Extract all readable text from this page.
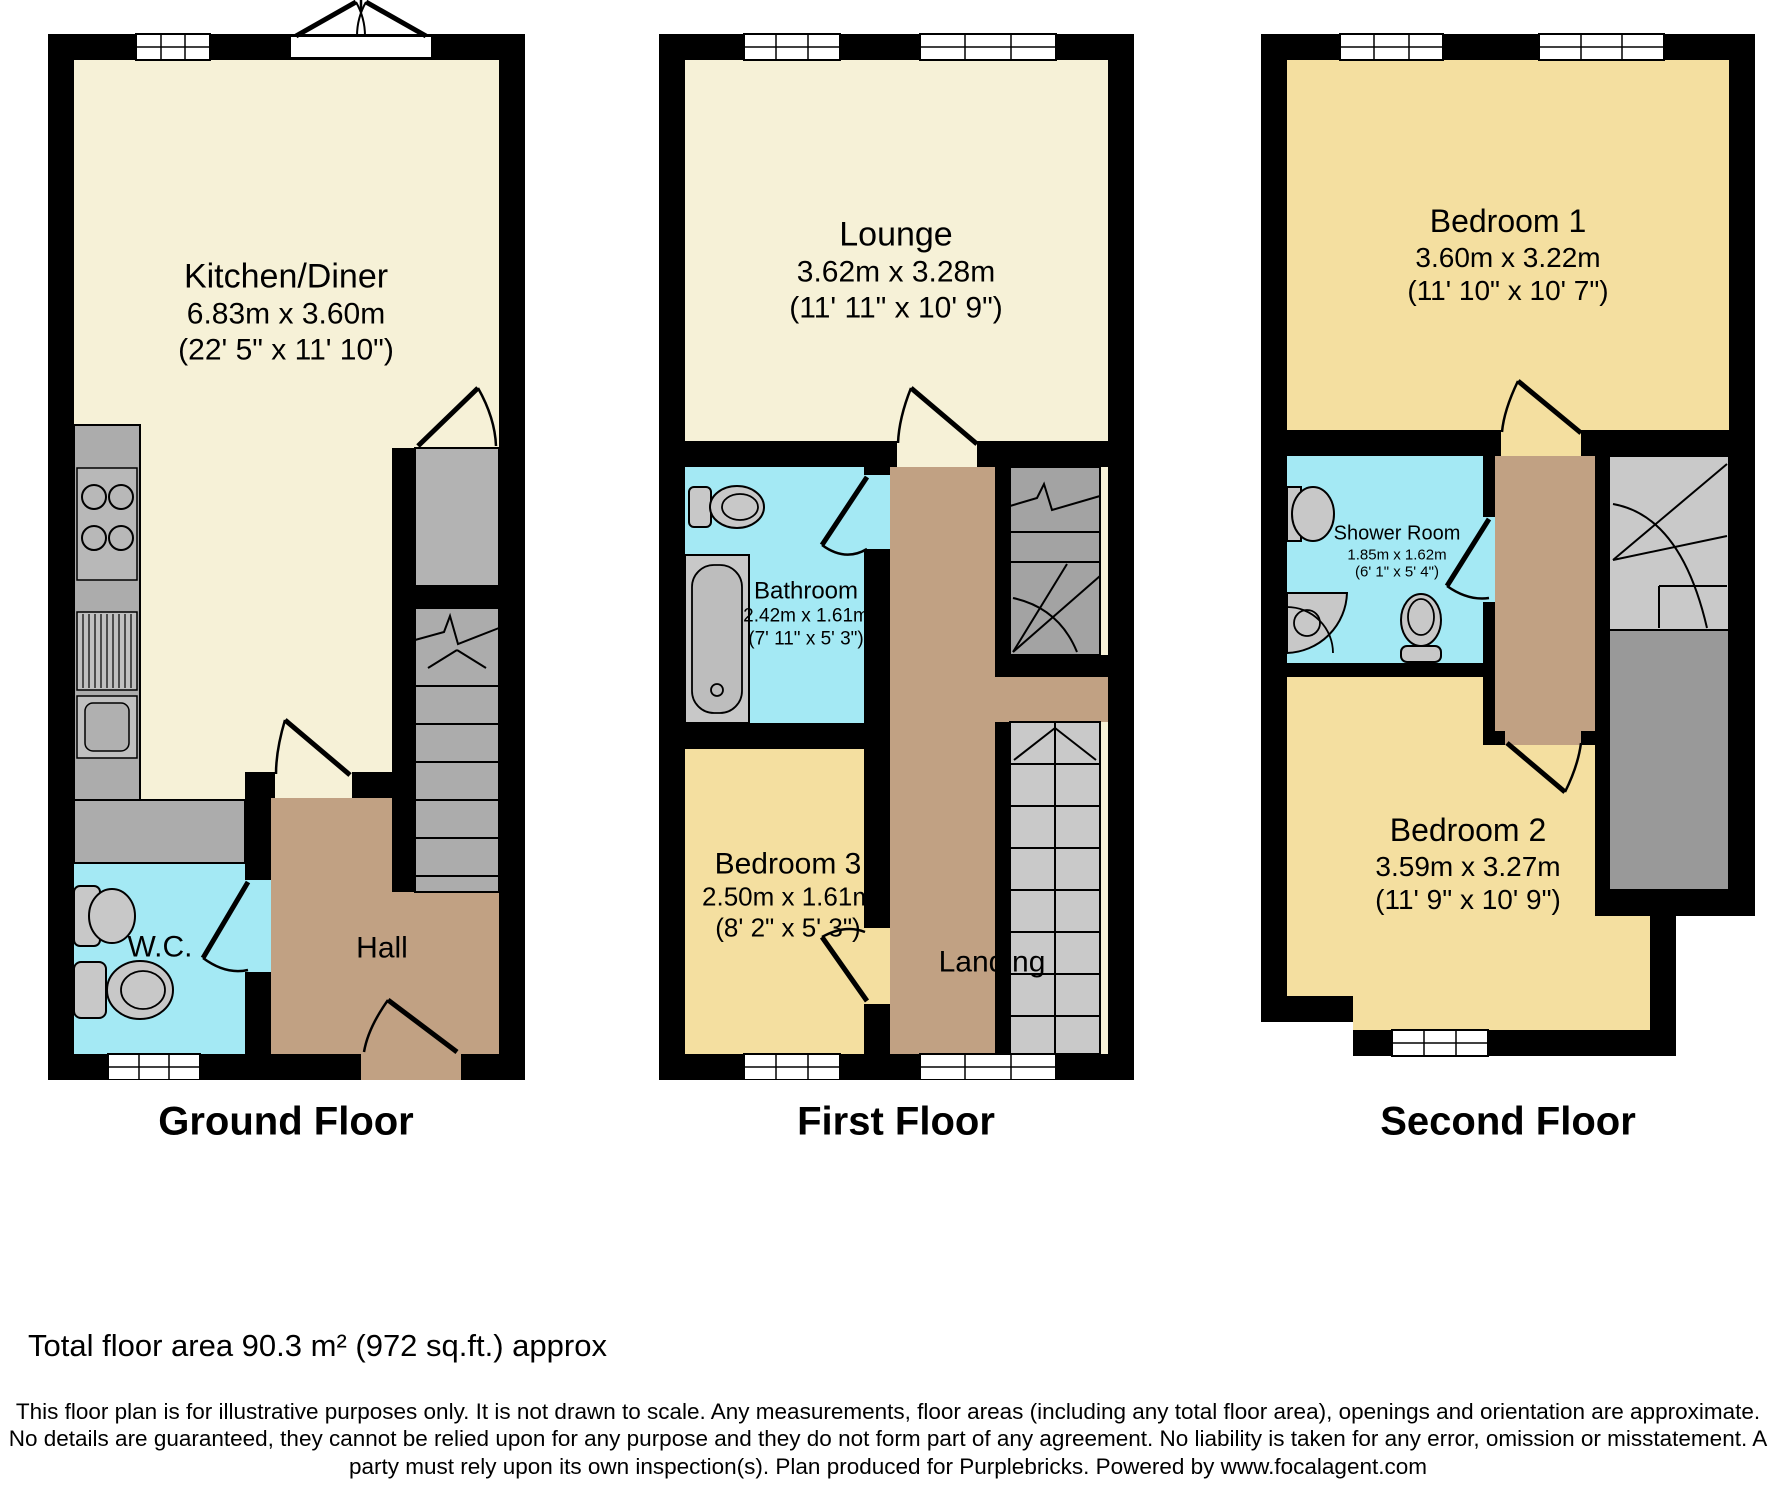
Kitchen/Diner
6.83m x 3.60m
(22' 5" x 11' 10")
W.C.	Hall
Lounge
3.62m x 3.28m
(11' 11" x 10' 9")
Bathroom
2.42m x 1.61m
(7' 11" x 5' 3")
Bedroom 3
2.50m x 1.61m
(8' 2" x 5' 3")
Landing
Bedroom 1
3.60m x 3.22m
(11' 10" x 10' 7")
Shower Room
1.85m x 1.62m
(6' 1" x 5' 4")
Bedroom 2
3.59m x 3.27m
(11' 9" x 10' 9")
Ground Floor	First Floor	Second Floor
Total floor area 90.3 m² (972 sq.ft.) approx
This floor plan is for illustrative purposes only. It is not drawn to scale. Any measurements, floor areas (including any total floor area), openings and orientation are approximate. No details are guaranteed, they cannot be relied upon for any purpose and they do not form part of any agreement. No liability is taken for any error, omission or misstatement. A party must rely upon its own inspection(s). Plan produced for Purplebricks. Powered by www.focalagent.com
